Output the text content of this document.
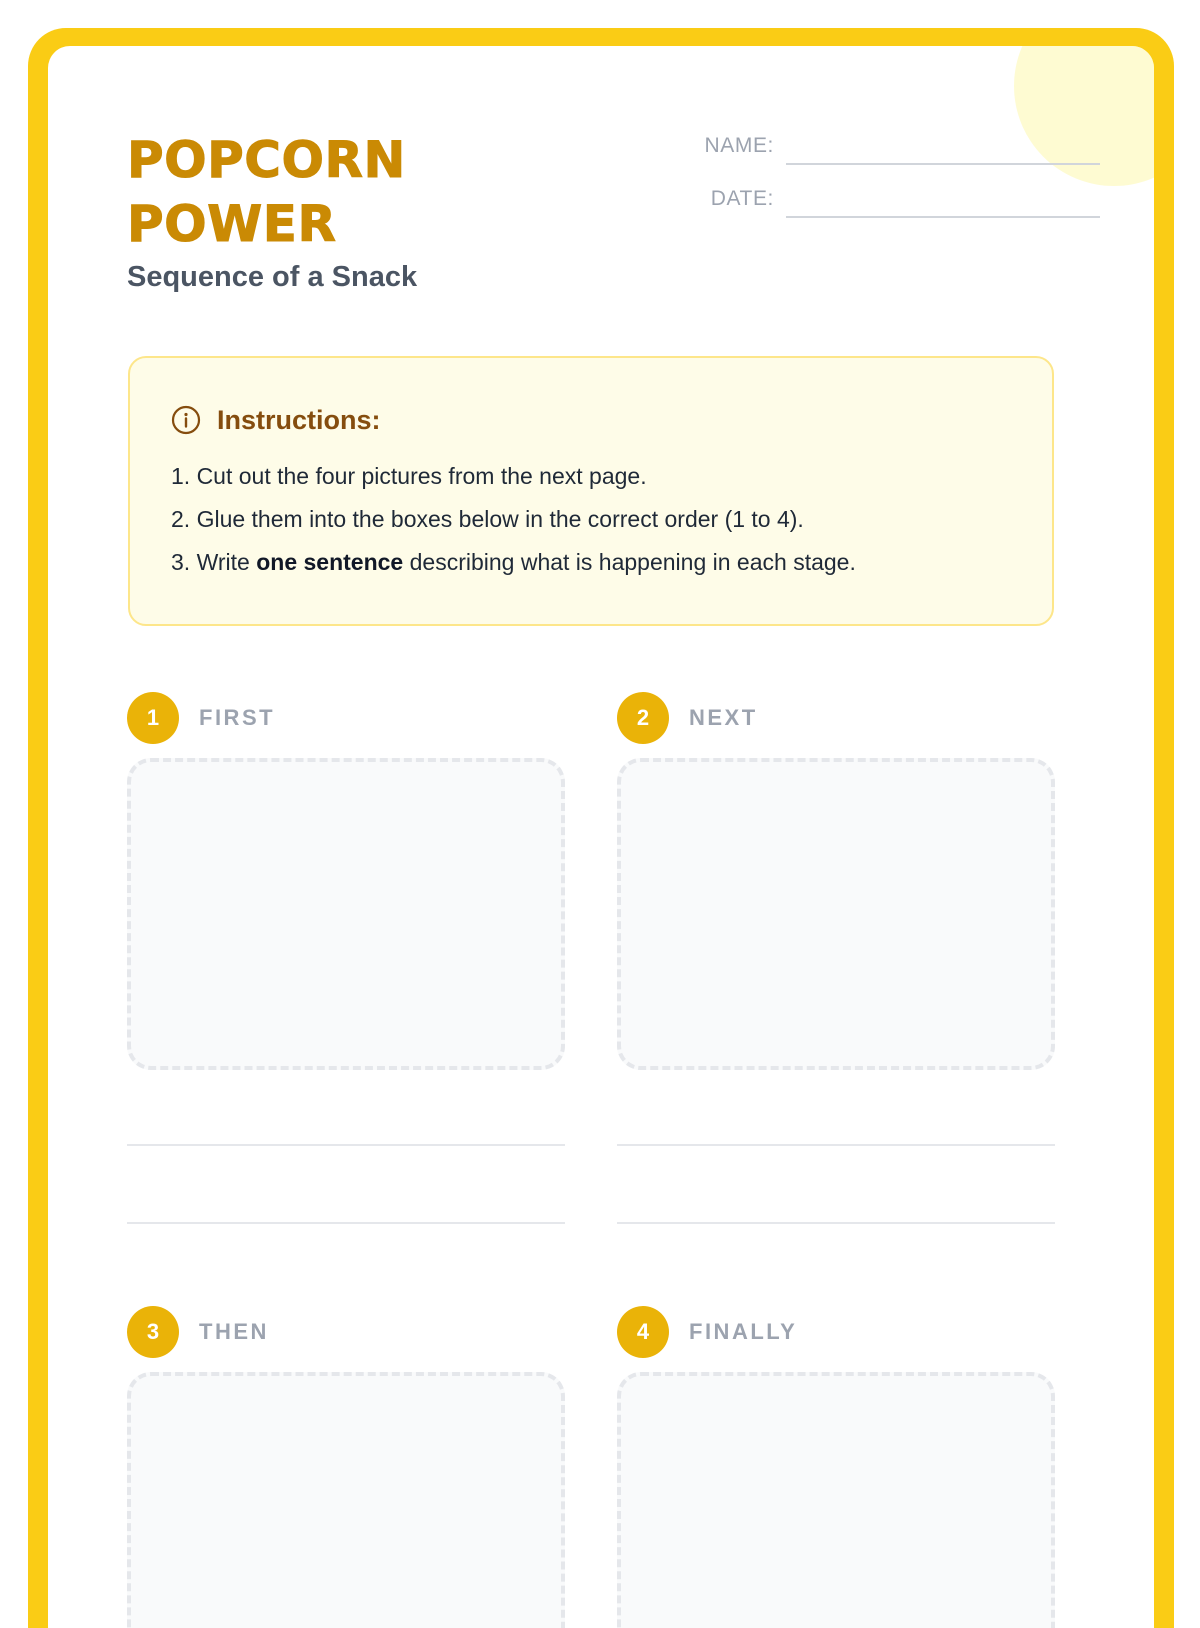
POPCORN POWER
Sequence of a Snack
NAME:
DATE:
Instructions:
1. Cut out the four pictures from the next page.
2. Glue them into the boxes below in the correct order (1 to 4).
3. Write one sentence describing what is happening in each stage.
1	FIRST	2	NEXT
3	THEN	4	FINALLY
